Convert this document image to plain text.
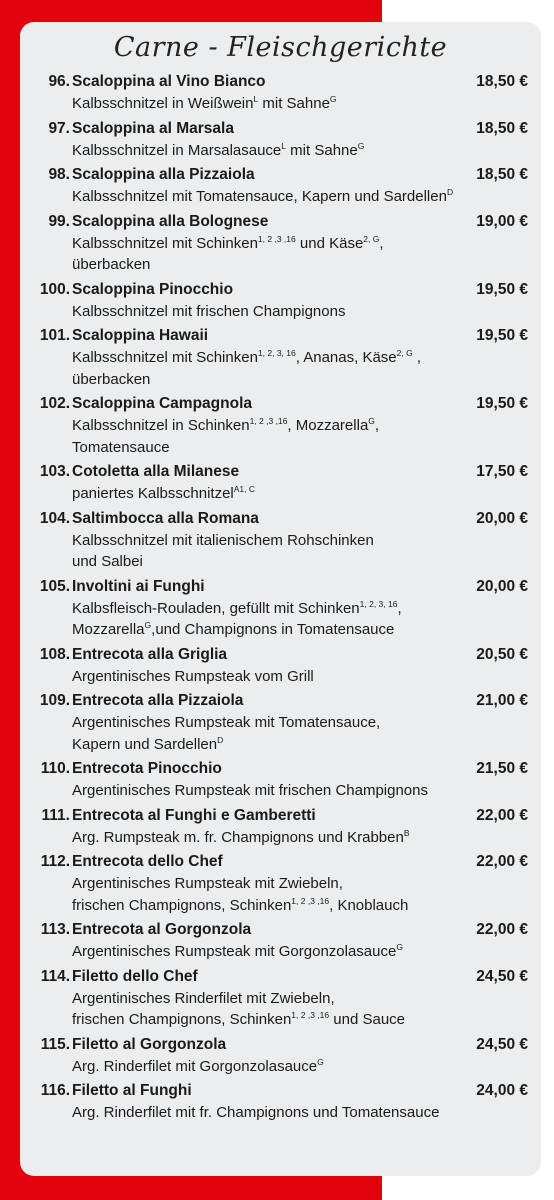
Carne - Fleischgerichte
96. Scaloppina al Vino Bianco	18,50 €
Kalbsschnitzel in Weißwein$^L$ mit Sahne$^G$
97. Scaloppina al Marsala	18,50 €
Kalbsschnitzel in Marsalasauce$^L$ mit Sahne$^G$
98. Scaloppina alla Pizzaiola	18,50 €
Kalbsschnitzel mit Tomatensauce, Kapern und Sardellen$^D$
99. Scaloppina alla Bolognese	19,00 €
Kalbsschnitzel mit Schinken$^{1, 2 ,3 ,16}$ und Käse$^{2, G}$,
überbacken
100. Scaloppina Pinocchio	19,50 €
Kalbsschnitzel mit frischen Champignons
101. Scaloppina Hawaii	19,50 €
Kalbsschnitzel mit Schinken$^{1, 2, 3, 16}$, Ananas, Käse$^{2, G}$ ,
überbacken
102. Scaloppina Campagnola	19,50 €
Kalbsschnitzel in Schinken$^{1, 2 ,3 ,16}$, Mozzarella$^G$,
Tomatensauce
103. Cotoletta alla Milanese	17,50 €
paniertes Kalbsschnitzel$^{A1, C}$
104. Saltimbocca alla Romana	20,00 €
Kalbsschnitzel mit italienischem Rohschinken
und Salbei
105. Involtini ai Funghi	20,00 €
Kalbsfleisch-Rouladen, gefüllt mit Schinken$^{1, 2, 3, 16}$,
Mozzarella$^G$,und Champignons in Tomatensauce
108. Entrecota alla Griglia	20,50 €
Argentinisches Rumpsteak vom Grill
109. Entrecota alla Pizzaiola	21,00 €
Argentinisches Rumpsteak mit Tomatensauce,
Kapern und Sardellen$^D$
110. Entrecota Pinocchio	21,50 €
Argentinisches Rumpsteak mit frischen Champignons
111. Entrecota al Funghi e Gamberetti	22,00 €
Arg. Rumpsteak m. fr. Champignons und Krabben$^B$
112. Entrecota dello Chef	22,00 €
Argentinisches Rumpsteak mit Zwiebeln,
frischen Champignons, Schinken$^{1, 2 ,3 ,16}$, Knoblauch
113. Entrecota al Gorgonzola	22,00 €
Argentinisches Rumpsteak mit Gorgonzolasauce$^G$
114. Filetto dello Chef	24,50 €
Argentinisches Rinderfilet mit Zwiebeln,
frischen Champignons, Schinken$^{1, 2 ,3 ,16}$ und Sauce
115. Filetto al Gorgonzola	24,50 €
Arg. Rinderfilet mit Gorgonzolasauce$^G$
116. Filetto al Funghi	24,00 €
Arg. Rinderfilet mit fr. Champignons und Tomatensauce
